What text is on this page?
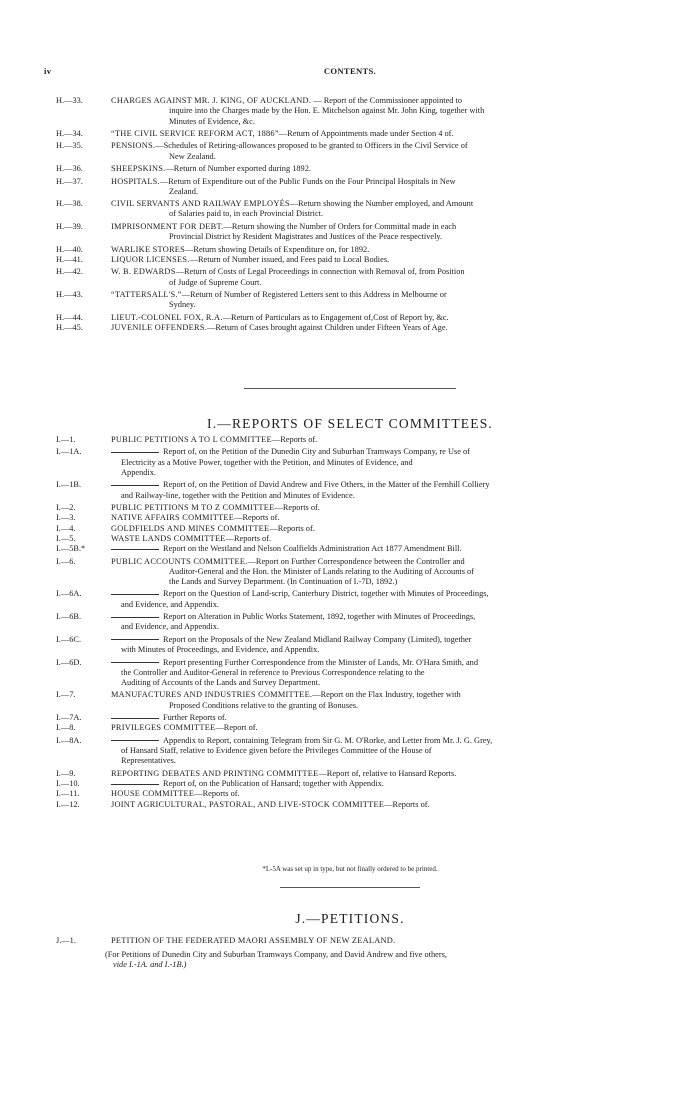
iv	CONTENTS.
H.—33.	CHARGES AGAINST MR. J. KING, OF AUCKLAND. — Report of the Commissioner appointed to
inquire into the Charges made by the Hon. E. Mitchelson against Mr. John King, together with
Minutes of Evidence, &c.
H.—34.	“THE CIVIL SERVICE REFORM ACT, 1886”—Return of Appointments made under Section 4 of.
H.—35.	PENSIONS.—Schedules of Retiring-allowances proposed to be granted to Officers in the Civil Service of
New Zealand.
H.—36.	SHEEPSKINS.—Return of Number exported during 1892.
H.—37.	HOSPITALS.—Return of Expenditure out of the Public Funds on the Four Principal Hospitals in New
Zealand.
H.—38.	CIVIL SERVANTS AND RAILWAY EMPLOYÉS—Return showing the Number employed, and Amount
of Salaries paid to, in each Provincial District.
H.—39.	IMPRISONMENT FOR DEBT.—Return showing the Number of Orders for Committal made in each
Provincial District by Resident Magistrates and Justices of the Peace respectively.
H.—40.	WARLIKE STORES—Return showing Details of Expenditure on, for 1892.
H.—41.	LIQUOR LICENSES.—Return of Number issued, and Fees paid to Local Bodies.
H.—42.	W. B. EDWARDS—Return of Costs of Legal Proceedings in connection with Removal of, from Position
of Judge of Supreme Court.
H.—43.	“TATTERSALL'S.”—Return of Number of Registered Letters sent to this Address in Melbourne or
Sydney.
H.—44.	LIEUT.-COLONEL FOX, R.A.—Return of Particulars as to Engagement of,Cost of Report by, &c.
H.—45.	JUVENILE OFFENDERS.—Return of Cases brought against Children under Fifteen Years of Age.
I.—REPORTS OF SELECT COMMITTEES.
I.—1.	PUBLIC PETITIONS A TO L COMMITTEE—Reports of.
I.—1A.	Report of, on the Petition of the Dunedin City and Suburban Tramways Company, re Use of
Electricity as a Motive Power, together with the Petition, and Minutes of Evidence, and
Appendix.
I.—1B.	Report of, on the Petition of David Andrew and Five Others, in the Matter of the Fernhill Colliery
and Railway-line, together with the Petition and Minutes of Evidence.
I.—2.	PUBLIC PETITIONS M TO Z COMMITTEE—Reports of.
I.—3.	NATIVE AFFAIRS COMMITTEE—Reports of.
I.—4.	GOLDFIELDS AND MINES COMMITTEE—Reports of.
I.—5.	WASTE LANDS COMMITTEE—Reports of.
I.—5B.*	Report on the Westland and Nelson Coalfields Administration Act 1877 Amendment Bill.
I.—6.	PUBLIC ACCOUNTS COMMITTEE.—Report on Further Correspondence between the Controller and
Auditor-General and the Hon. the Minister of Lands relating to the Auditing of Accounts of
the Lands and Survey Department. (In Continuation of I.-7D, 1892.)
I.—6A.	Report on the Question of Land-scrip, Canterbury District, together with Minutes of Proceedings,
and Evidence, and Appendix.
I.—6B.	Report on Alteration in Public Works Statement, 1892, together with Minutes of Proceedings,
and Evidence, and Appendix.
I.—6C.	Report on the Proposals of the New Zealand Midland Railway Company (Limited), together
with Minutes of Proceedings, and Evidence, and Appendix.
I.—6D.	Report presenting Further Correspondence from the Minister of Lands, Mr. O'Hara Smith, and
the Controller and Auditor-General in reference to Previous Correspondence relating to the
Auditing of Accounts of the Lands and Survey Department.
I.—7.	MANUFACTURES AND INDUSTRIES COMMITTEE.—Report on the Flax Industry, together with
Proposed Conditions relative to the granting of Bonuses.
I.—7A.	Further Reports of.
I.—8.	PRIVILEGES COMMITTEE—Report of.
I.—8A.	Appendix to Report, containing Telegram from Sir G. M. O'Rorke, and Letter from Mr. J. G. Grey,
of Hansard Staff, relative to Evidence given before the Privileges Committee of the House of
Representatives.
I.—9.	REPORTING DEBATES AND PRINTING COMMITTEE—Report of, relative to Hansard Reports.
I.—10.	Report of, on the Publication of Hansard; together with Appendix.
I.—11.	HOUSE COMMITTEE—Reports of.
I.—12.	JOINT AGRICULTURAL, PASTORAL, AND LIVE-STOCK COMMITTEE—Reports of.
*I.-5A was set up in type, but not finally ordered to be printed.
J.—PETITIONS.
J.—1.	PETITION OF THE FEDERATED MAORI ASSEMBLY OF NEW ZEALAND.
(For Petitions of Dunedin City and Suburban Tramways Company, and David Andrew and five others,
vide I.-1A. and I.-1B.)
